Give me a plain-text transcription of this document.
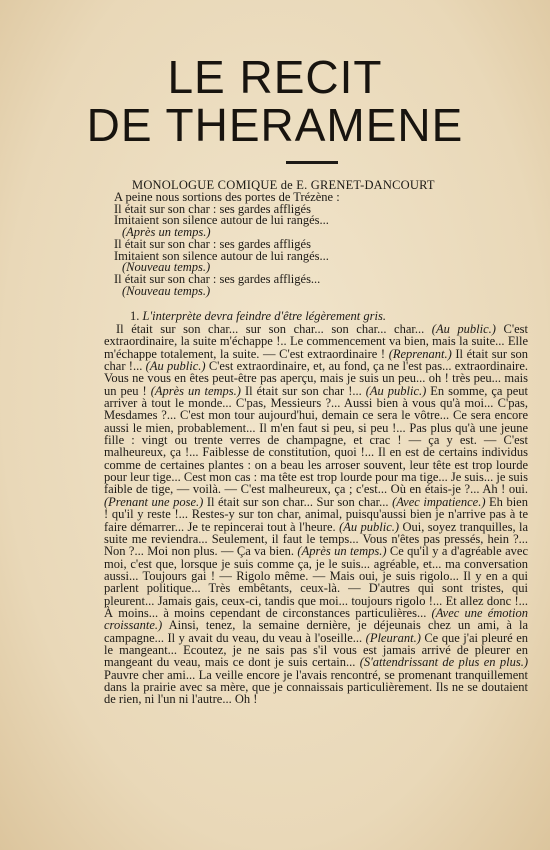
LE RECIT
DE THERAMENE
MONOLOGUE COMIQUE de E. GRENET-DANCOURT
A peine nous sortions des portes de Trézène :
Il était sur son char : ses gardes affligés
Imitaient son silence autour de lui rangés...
(Après un temps.)
Il était sur son char : ses gardes affligés
Imitaient son silence autour de lui rangés...
(Nouveau temps.)
Il était sur son char : ses gardes affligés...
(Nouveau temps.)
1. L'interprète devra feindre d'être légèrement gris.

Il était sur son char... sur son char... son char... char... (Au public.) C'est extraordinaire, la suite m'échappe !.. Le commencement va bien, mais la suite... Elle m'échappe totalement, la suite. — C'est extraordinaire ! (Reprenant.) Il était sur son char !... (Au public.) C'est extraordinaire, et, au fond, ça ne l'est pas... extraordinaire. Vous ne vous en êtes peut-être pas aperçu, mais je suis un peu... oh ! très peu... mais un peu ! (Après un temps.) Il était sur son char !... (Au public.) En somme, ça peut arriver à tout le monde... C'pas, Messieurs ?... Aussi bien à vous qu'à moi... C'pas, Mesdames ?... C'est mon tour aujourd'hui, demain ce sera le vôtre... Ce sera encore aussi le mien, probablement... Il m'en faut si peu, si peu !... Pas plus qu'à une jeune fille : vingt ou trente verres de champagne, et crac ! — ça y est. — C'est malheureux, ça !... Faiblesse de constitution, quoi !... Il en est de certains individus comme de certaines plantes : on a beau les arroser souvent, leur tête est trop lourde pour leur tige... Cest mon cas : ma tête est trop lourde pour ma tige... Je suis... je suis faible de tige, — voilà. — C'est malheureux, ça ; c'est... Où en étais-je ?... Ah ! oui. (Prenant une pose.) Il était sur son char... Sur son char... (Avec impatience.) Eh bien ! qu'il y reste !... Restes-y sur ton char, animal, puisqu'aussi bien je n'arrive pas à te faire démarrer... Je te repincerai tout à l'heure. (Au public.) Oui, soyez tranquilles, la suite me reviendra... Seulement, il faut le temps... Vous n'êtes pas pressés, hein ?... Non ?... Moi non plus. — Ça va bien. (Après un temps.) Ce qu'il y a d'agréable avec moi, c'est que, lorsque je suis comme ça, je le suis... agréable, et... ma conversation aussi... Toujours gai ! — Rigolo même. — Mais oui, je suis rigolo... Il y en a qui parlent politique... Très embêtants, ceux-là. — D'autres qui sont tristes, qui pleurent... Jamais gais, ceux-ci, tandis que moi... toujours rigolo !... Et allez donc !... À moins... à moins cependant de circonstances particulières... (Avec une émotion croissante.) Ainsi, tenez, la semaine dernière, je déjeunais chez un ami, à la campagne... Il y avait du veau, du veau à l'oseille... (Pleurant.) Ce que j'ai pleuré en le mangeant... Ecoutez, je ne sais pas s'il vous est jamais arrivé de pleurer en mangeant du veau, mais ce dont je suis certain... (S'attendrissant de plus en plus.) Pauvre cher ami... La veille encore je l'avais rencontré, se promenant tranquillement dans la prairie avec sa mère, que je connaissais particulièrement. Ils ne se doutaient de rien, ni l'un ni l'autre... Oh !
